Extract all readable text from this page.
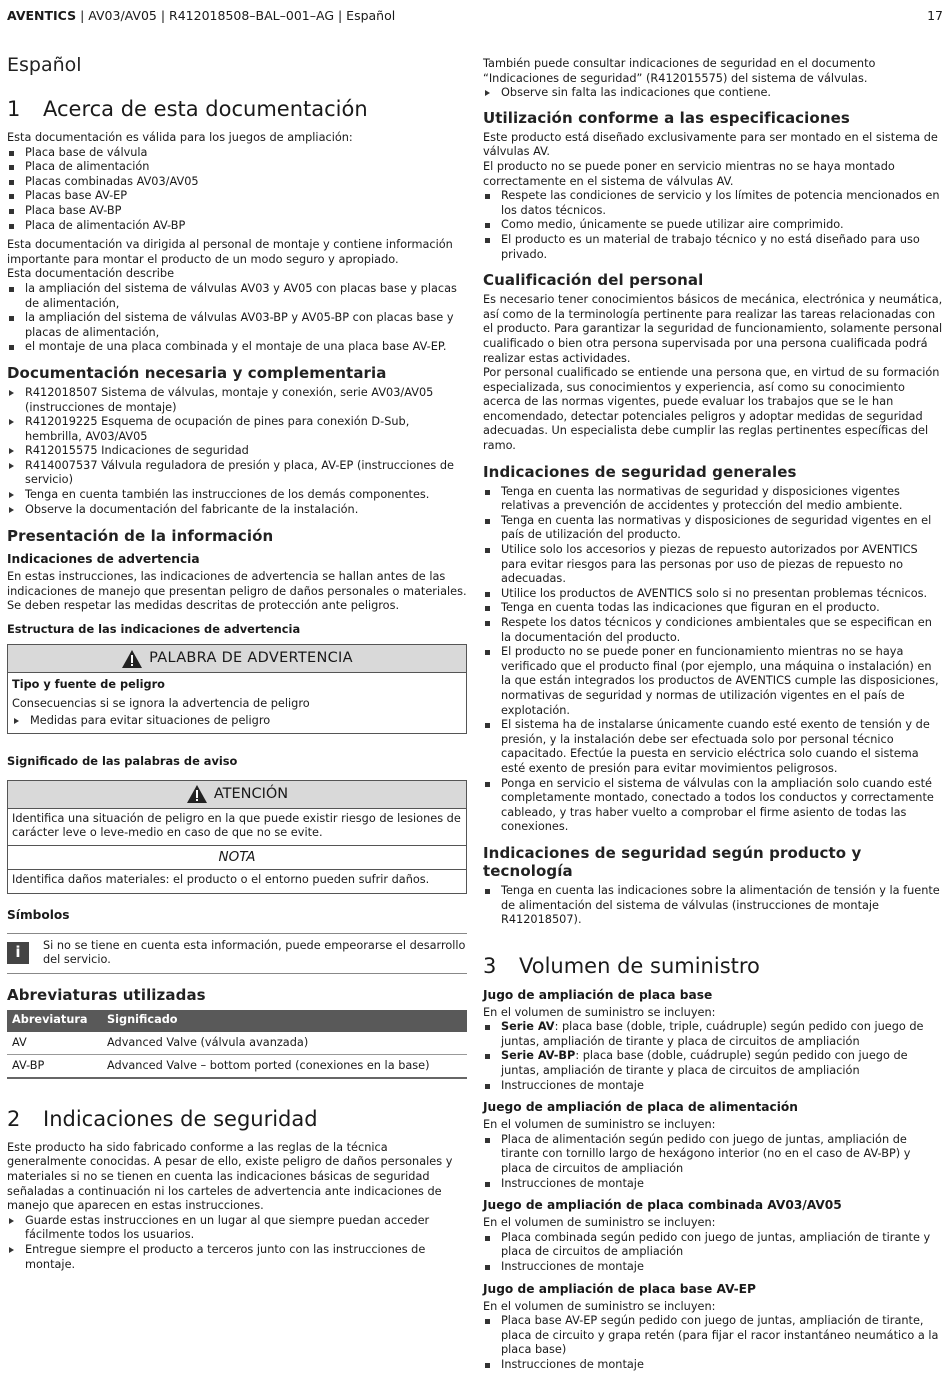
AVENTICS | AV03/AV05 | R412018508–BAL–001–AG | Español	17
Español
1 Acerca de esta documentación

Esta documentación es válida para los juegos de ampliación:

Placa base de válvula
Placa de alimentación
Placas combinadas AV03/AV05
Placas base AV-EP
Placa base AV-BP
Placa de alimentación AV-BP

Esta documentación va dirigida al personal de montaje y contiene información importante para montar el producto de un modo seguro y apropiado.

Esta documentación describe

la ampliación del sistema de válvulas AV03 y AV05 con placas base y placas de alimentación,
la ampliación del sistema de válvulas AV03-BP y AV05-BP con placas base y placas de alimentación,
el montaje de una placa combinada y el montaje de una placa base AV-EP.
Documentación necesaria y complementaria
R412018507 Sistema de válvulas, montaje y conexión, serie AV03/AV05 (instrucciones de montaje)
R412019225 Esquema de ocupación de pines para conexión D-Sub, hembrilla, AV03/AV05
R412015575 Indicaciones de seguridad
R414007537 Válvula reguladora de presión y placa, AV-EP (instrucciones de servicio)
Tenga en cuenta también las instrucciones de los demás componentes.
Observe la documentación del fabricante de la instalación.
Presentación de la información
Indicaciones de advertencia

En estas instrucciones, las indicaciones de advertencia se hallan antes de las indicaciones de manejo que presentan peligro de daños personales o materiales. Se deben respetar las medidas descritas de protección ante peligros.

Estructura de las indicaciones de advertencia
PALABRA DE ADVERTENCIA
Tipo y fuente de peligro
Consecuencias si se ignora la advertencia de peligro
Medidas para evitar situaciones de peligro
Significado de las palabras de aviso
ATENCIÓN
Identifica una situación de peligro en la que puede existir riesgo de lesiones de carácter leve o leve-medio en caso de que no se evite.
NOTA
Identifica daños materiales: el producto o el entorno pueden sufrir daños.
Símbolos
i	Si no se tiene en cuenta esta información, puede empeorarse el desarrollo del servicio.
Abreviaturas utilizadas
Abreviatura	Significado
AV	Advanced Valve (válvula avanzada)
AV-BP	Advanced Valve – bottom ported (conexiones en la base)
2 Indicaciones de seguridad

Este producto ha sido fabricado conforme a las reglas de la técnica generalmente conocidas. A pesar de ello, existe peligro de daños personales y materiales si no se tienen en cuenta las indicaciones básicas de seguridad señaladas a continuación ni los carteles de advertencia ante indicaciones de manejo que aparecen en estas instrucciones.

Guarde estas instrucciones en un lugar al que siempre puedan acceder fácilmente todos los usuarios.
Entregue siempre el producto a terceros junto con las instrucciones de montaje.

También puede consultar indicaciones de seguridad en el documento “Indicaciones de seguridad” (R412015575) del sistema de válvulas.

Observe sin falta las indicaciones que contiene.
Utilización conforme a las especificaciones

Este producto está diseñado exclusivamente para ser montado en el sistema de válvulas AV.

El producto no se puede poner en servicio mientras no se haya montado correctamente en el sistema de válvulas AV.

Respete las condiciones de servicio y los límites de potencia mencionados en los datos técnicos.
Como medio, únicamente se puede utilizar aire comprimido.
El producto es un material de trabajo técnico y no está diseñado para uso privado.
Cualificación del personal

Es necesario tener conocimientos básicos de mecánica, electrónica y neumática, así como de la terminología pertinente para realizar las tareas relacionadas con el producto. Para garantizar la seguridad de funcionamiento, solamente personal cualificado o bien otra persona supervisada por una persona cualificada podrá realizar estas actividades.

Por personal cualificado se entiende una persona que, en virtud de su formación especializada, sus conocimientos y experiencia, así como su conocimiento acerca de las normas vigentes, puede evaluar los trabajos que se le han encomendado, detectar potenciales peligros y adoptar medidas de seguridad adecuadas. Un especialista debe cumplir las reglas pertinentes específicas del ramo.

Indicaciones de seguridad generales
Tenga en cuenta las normativas de seguridad y disposiciones vigentes relativas a prevención de accidentes y protección del medio ambiente.
Tenga en cuenta las normativas y disposiciones de seguridad vigentes en el país de utilización del producto.
Utilice solo los accesorios y piezas de repuesto autorizados por AVENTICS para evitar riesgos para las personas por uso de piezas de repuesto no adecuadas.
Utilice los productos de AVENTICS solo si no presentan problemas técnicos.
Tenga en cuenta todas las indicaciones que figuran en el producto.
Respete los datos técnicos y condiciones ambientales que se especifican en la documentación del producto.
El producto no se puede poner en funcionamiento mientras no se haya verificado que el producto final (por ejemplo, una máquina o instalación) en la que están integrados los productos de AVENTICS cumple las disposiciones, normativas de seguridad y normas de utilización vigentes en el país de explotación.
El sistema ha de instalarse únicamente cuando esté exento de tensión y de presión, y la instalación debe ser efectuada solo por personal técnico capacitado. Efectúe la puesta en servicio eléctrica solo cuando el sistema esté exento de presión para evitar movimientos peligrosos.
Ponga en servicio el sistema de válvulas con la ampliación solo cuando esté completamente montado, conectado a todos los conductos y correctamente cableado, y tras haber vuelto a comprobar el firme asiento de todas las conexiones.
Indicaciones de seguridad según producto y tecnología
Tenga en cuenta las indicaciones sobre la alimentación de tensión y la fuente de alimentación del sistema de válvulas (instrucciones de montaje R412018507).
3 Volumen de suministro
Jugo de ampliación de placa base

En el volumen de suministro se incluyen:

Serie AV: placa base (doble, triple, cuádruple) según pedido con juego de juntas, ampliación de tirante y placa de circuitos de ampliación
Serie AV-BP: placa base (doble, cuádruple) según pedido con juego de juntas, ampliación de tirante y placa de circuitos de ampliación
Instrucciones de montaje
Juego de ampliación de placa de alimentación

En el volumen de suministro se incluyen:

Placa de alimentación según pedido con juego de juntas, ampliación de tirante con tornillo largo de hexágono interior (no en el caso de AV-BP) y placa de circuitos de ampliación
Instrucciones de montaje
Juego de ampliación de placa combinada AV03/AV05

En el volumen de suministro se incluyen:

Placa combinada según pedido con juego de juntas, ampliación de tirante y placa de circuitos de ampliación
Instrucciones de montaje
Jugo de ampliación de placa base AV-EP

En el volumen de suministro se incluyen:

Placa base AV-EP según pedido con juego de juntas, ampliación de tirante, placa de circuito y grapa retén (para fijar el racor instantáneo neumático a la placa base)
Instrucciones de montaje
